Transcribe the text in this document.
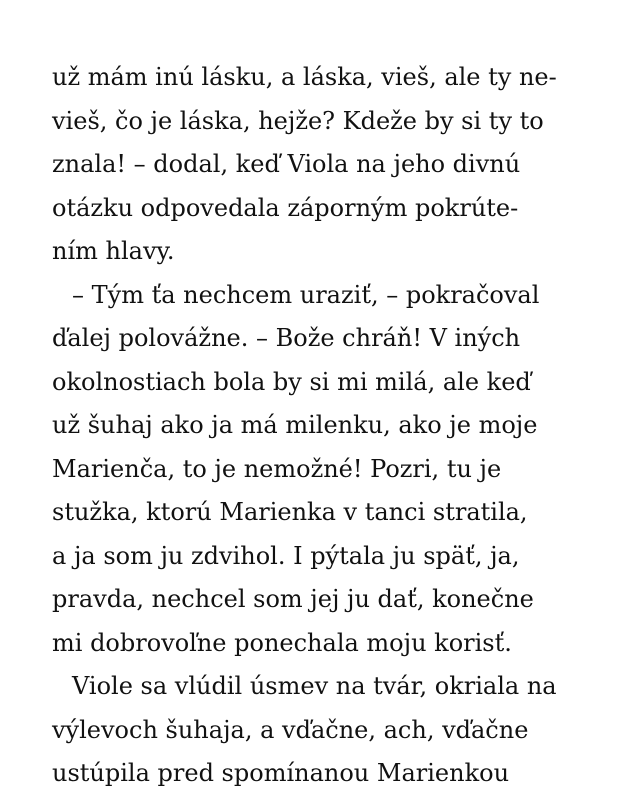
už mám inú lásku, a láska, vieš, ale ty ne-
vieš, čo je láska, hejže? Kdeže by si ty to
znala! – dodal, keď Viola na jeho divnú
otázku odpovedala záporným pokrúte-
ním hlavy.
– Tým ťa nechcem uraziť, – pokračoval
ďalej polovážne. – Bože chráň! V iných
okolnostiach bola by si mi milá, ale keď
už šuhaj ako ja má milenku, ako je moje
Marienča, to je nemožné! Pozri, tu je
stužka, ktorú Marienka v tanci stratila,
a ja som ju zdvihol. I pýtala ju späť, ja,
pravda, nechcel som jej ju dať, konečne
mi dobrovoľne ponechala moju korisť.
Viole sa vlúdil úsmev na tvár, okriala na
výlevoch šuhaja, a vďačne, ach, vďačne
ustúpila pred spomínanou Marienkou
